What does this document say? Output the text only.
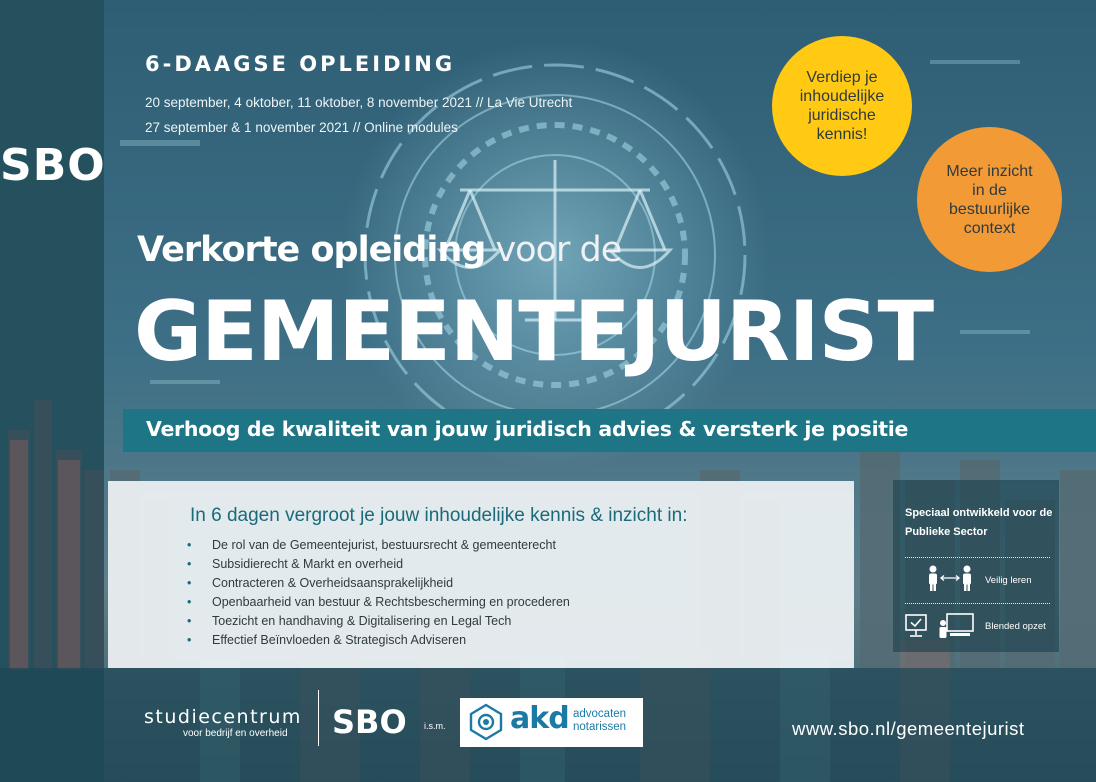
SBO
6-DAAGSE OPLEIDING
20 september, 4 oktober, 11 oktober, 8 november 2021 // La Vie Utrecht
27 september & 1 november 2021 // Online modules
Verdiep je inhoudelijke juridische kennis!
Meer inzicht in de bestuurlijke context
Verkorte opleiding voor de
GEMEENTEJURIST
Verhoog de kwaliteit van jouw juridisch advies & versterk je positie
In 6 dagen vergroot je jouw inhoudelijke kennis & inzicht in:
• De rol van de Gemeentejurist, bestuursrecht & gemeenterecht
• Subsidierecht & Markt en overheid
• Contracteren & Overheidsaansprakelijkheid
• Openbaarheid van bestuur & Rechtsbescherming en procederen
• Toezicht en handhaving & Digitalisering en Legal Tech
• Effectief Beïnvloeden & Strategisch Adviseren
Speciaal ontwikkeld voor de Publieke Sector
Veilig leren
Blended opzet
studiecentrum
voor bedrijf en overheid SBO i.s.m. akd advocaten notarissen	www.sbo.nl/gemeentejurist
